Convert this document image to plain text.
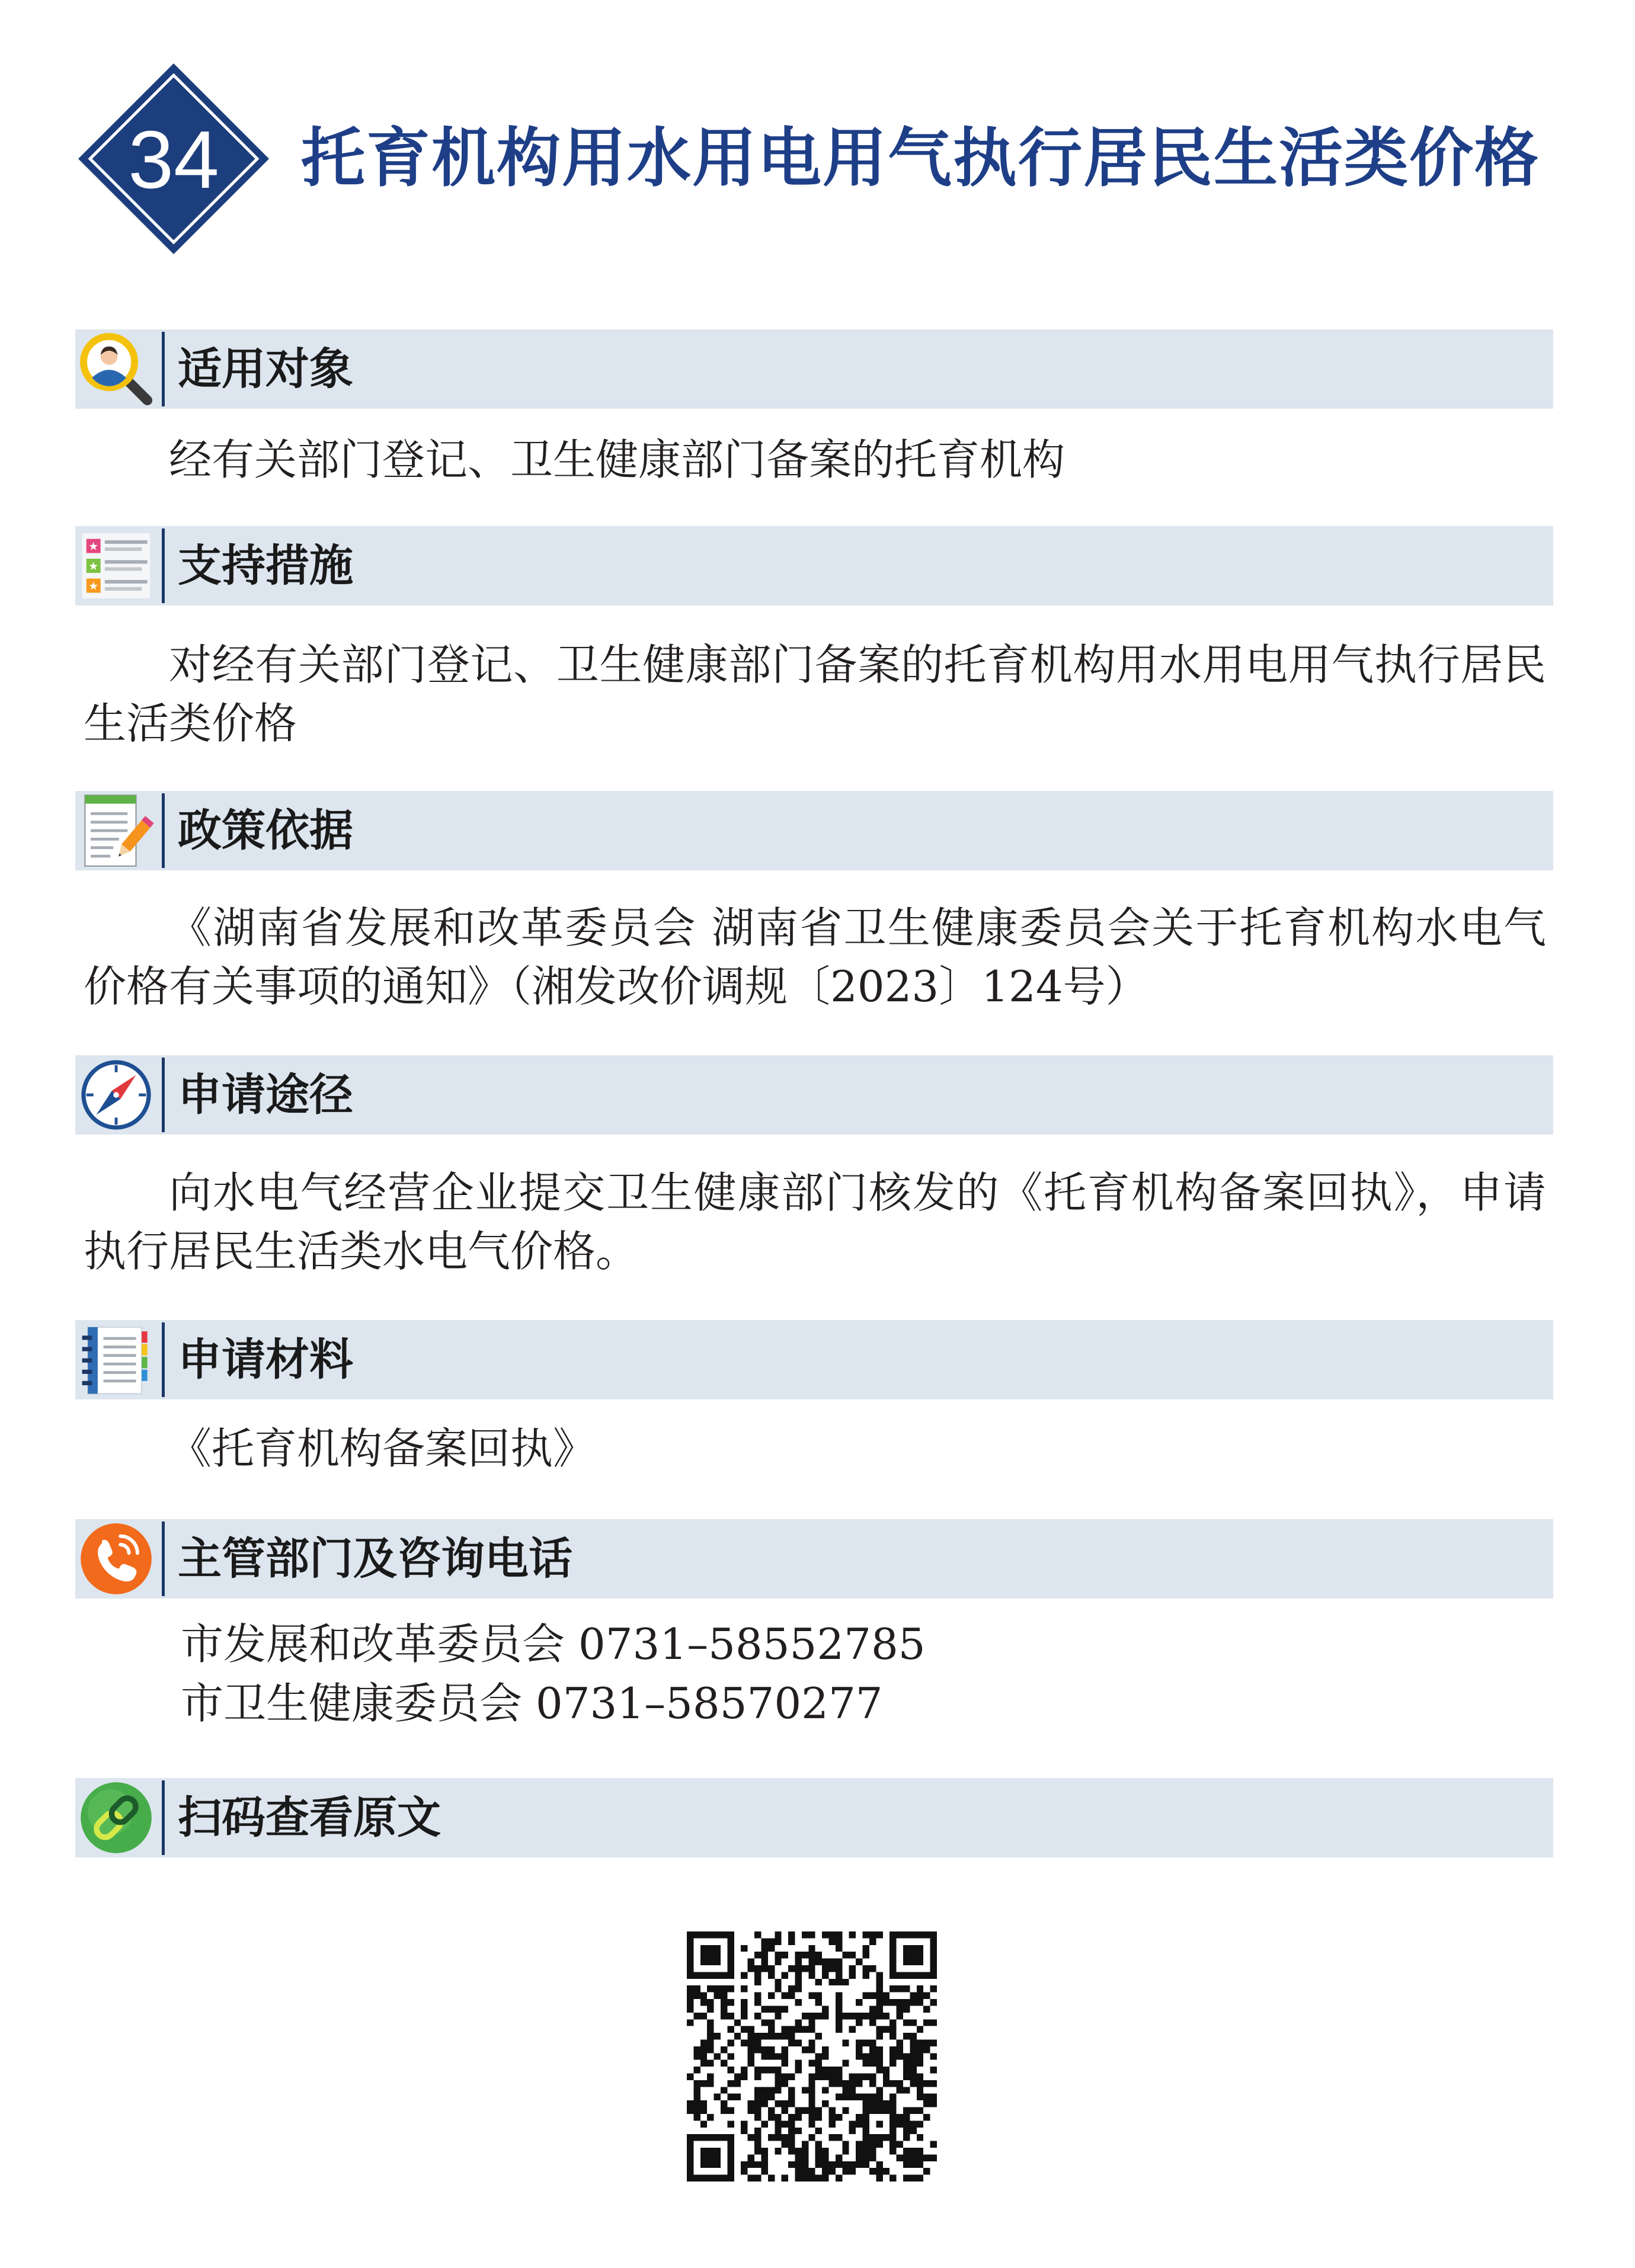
34 托育机构用水用电用气执行居民生活类价格
适用对象

经有关部门登记、卫生健康部门备案的托育机构

★
★
★ 支持措施

对经有关部门登记、卫生健康部门备案的托育机构用水用电用气执行居民生活类价格

政策依据

《湖南省发展和改革委员会 湖南省卫生健康委员会关于托育机构水电气价格有关事项的通知》（湘发改价调规〔2023〕124号）

申请途径

向水电气经营企业提交卫生健康部门核发的《托育机构备案回执》，申请执行居民生活类水电气价格。

申请材料

《托育机构备案回执》

主管部门及咨询电话
市发展和改革委员会 0731–58552785
市卫生健康委员会 0731–58570277
扫码查看原文
